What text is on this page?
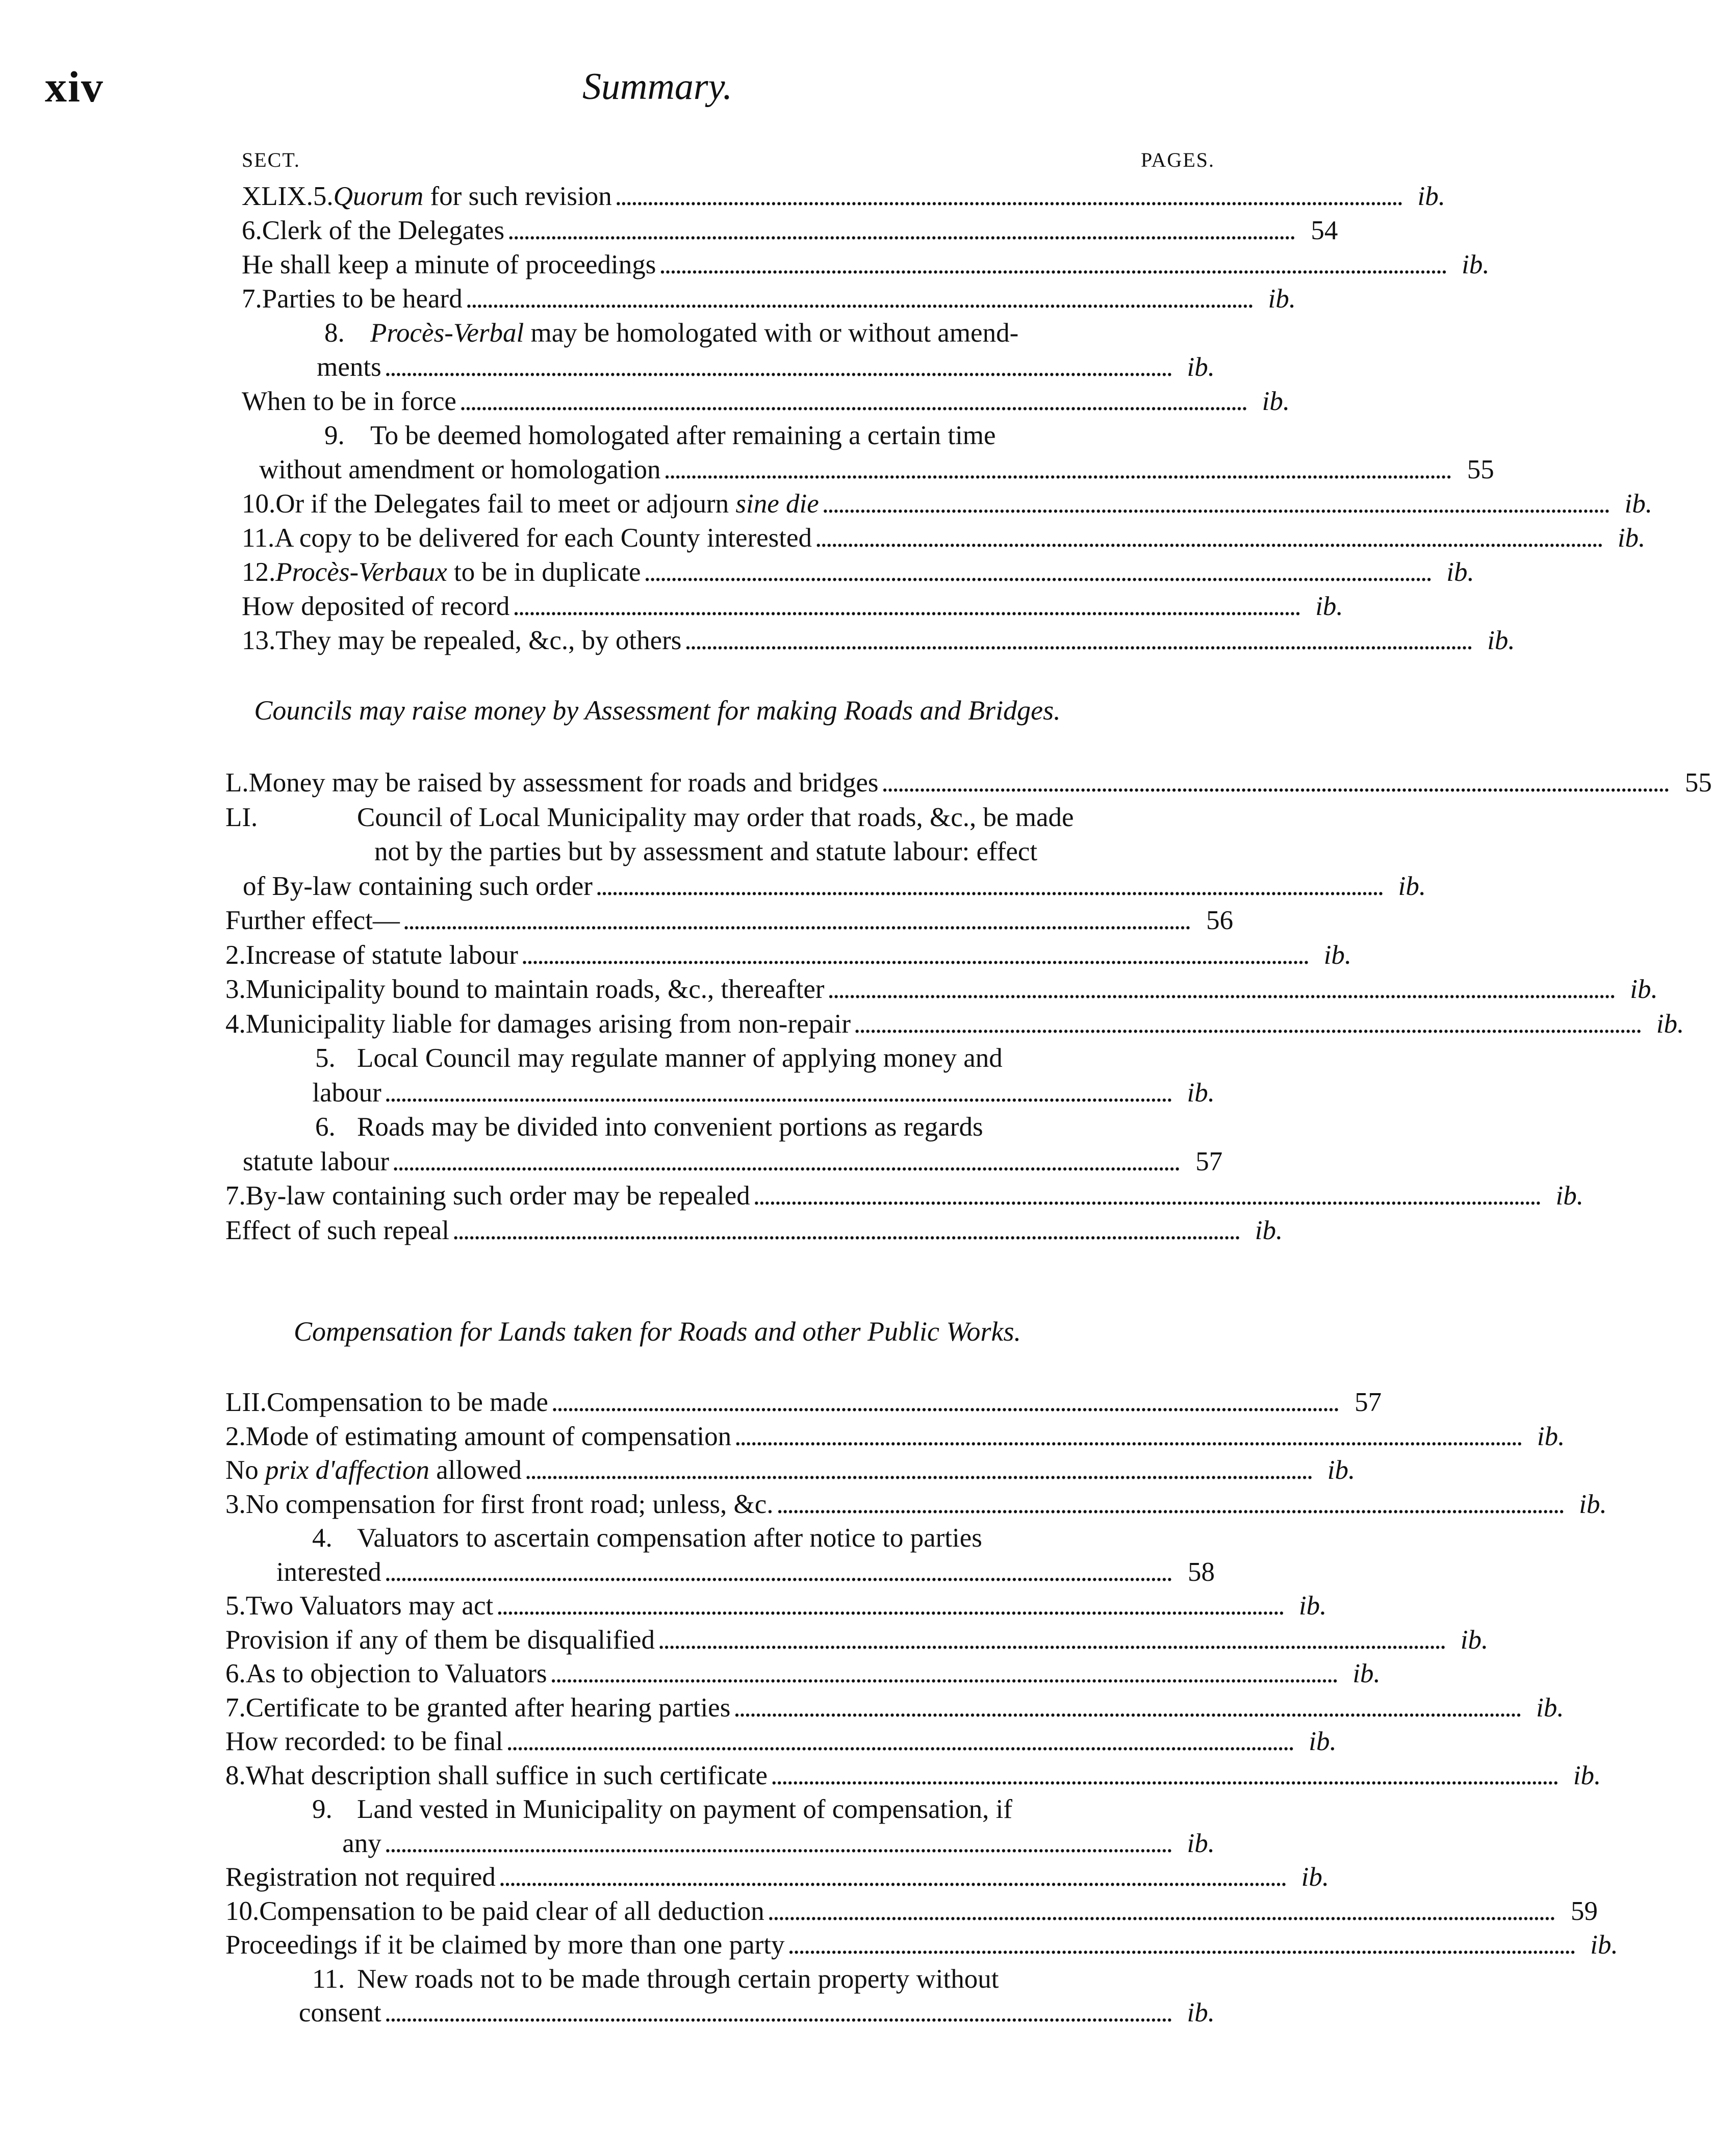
xiv	Summary.
SECT.	PAGES.
XLIX. 5. Quorum for such revision . . .	ib.
6. Clerk of the Delegates . . .	54
He shall keep a minute of proceedings . . .	ib.
7. Parties to be heard . . .	ib.
8. Procès-Verbal may be homologated with or without amend-
ments . . .	ib.
When to be in force . . .	ib.
9. To be deemed homologated after remaining a certain time
without amendment or homologation . . .	55
10. Or if the Delegates fail to meet or adjourn sine die . . .	ib.
11. A copy to be delivered for each County interested . . .	ib.
12. Procès-Verbaux to be in duplicate . . .	ib.
How deposited of record . . .	ib.
13. They may be repealed, &c., by others . . .	ib.
Councils may raise money by Assessment for making Roads and Bridges.
L. Money may be raised by assessment for roads and bridges . . .	55
LI.	Council of Local Municipality may order that roads, &c., be made
not by the parties but by assessment and statute labour: effect
of By-law containing such order . . .	ib.
Further effect— . . .	56
2. Increase of statute labour . . .	ib.
3. Municipality bound to maintain roads, &c., thereafter . . .	ib.
4. Municipality liable for damages arising from non-repair . . .	ib.
5. Local Council may regulate manner of applying money and
labour . . .	ib.
6. Roads may be divided into convenient portions as regards
statute labour . . .	57
7. By-law containing such order may be repealed . . .	ib.
Effect of such repeal . . .	ib.
Compensation for Lands taken for Roads and other Public Works.
LII. Compensation to be made . . .	57
2. Mode of estimating amount of compensation . . .	ib.
No prix d'affection allowed . . .	ib.
3. No compensation for first front road; unless, &c. . . .	ib.
4. Valuators to ascertain compensation after notice to parties
interested . . .	58
5. Two Valuators may act . . .	ib.
Provision if any of them be disqualified . . .	ib.
6. As to objection to Valuators . . .	ib.
7. Certificate to be granted after hearing parties . . .	ib.
How recorded: to be final . . .	ib.
8. What description shall suffice in such certificate . . .	ib.
9. Land vested in Municipality on payment of compensation, if
any . . .	ib.
Registration not required . . .	ib.
10. Compensation to be paid clear of all deduction . . .	59
Proceedings if it be claimed by more than one party . . .	ib.
11. New roads not to be made through certain property without
consent . . .	ib.
